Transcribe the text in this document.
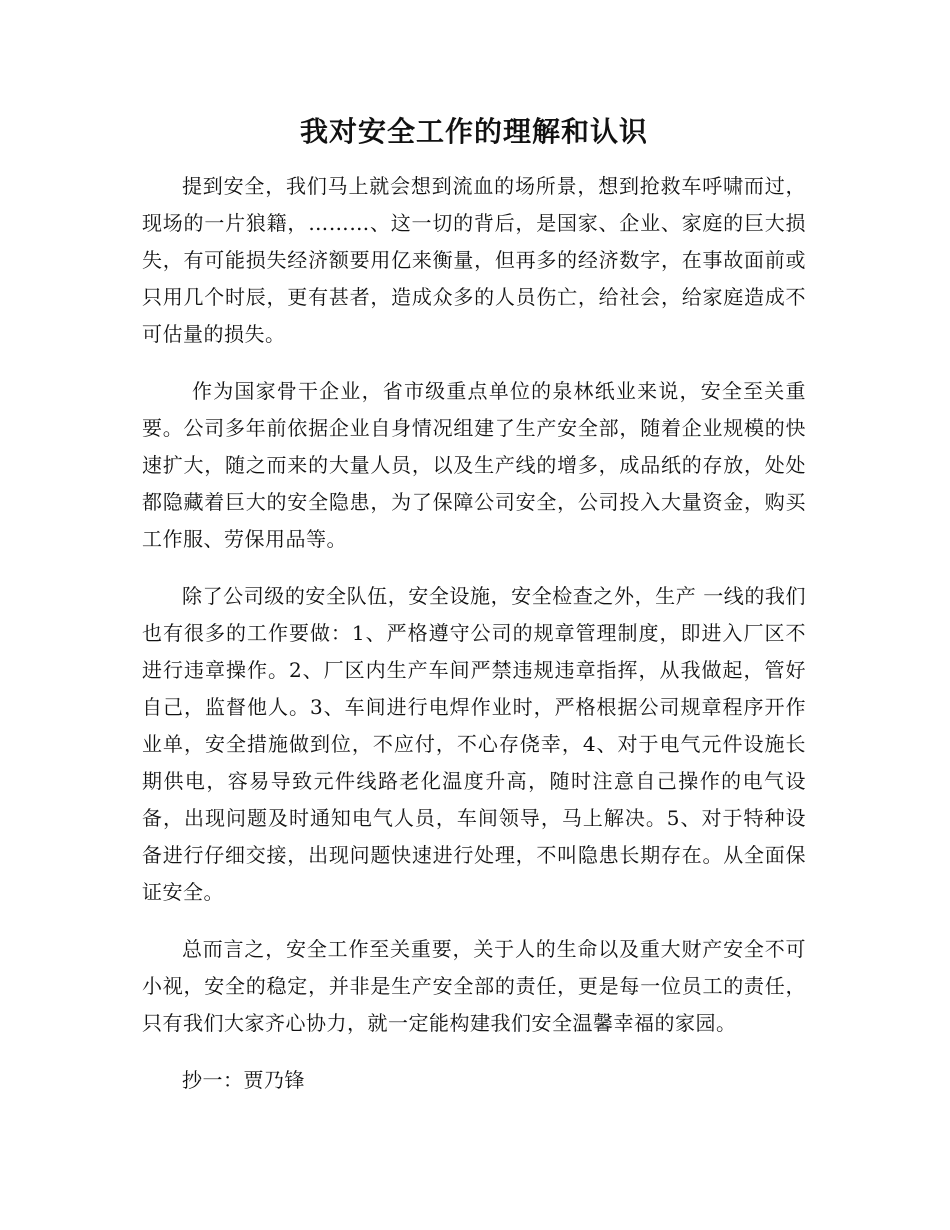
我对安全工作的理解和认识

提到安全，我们马上就会想到流血的场所景，想到抢救车呼啸而过，现场的一片狼籍，………、这一切的背后，是国家、企业、家庭的巨大损失，有可能损失经济额要用亿来衡量，但再多的经济数字，在事故面前或只用几个时辰，更有甚者，造成众多的人员伤亡，给社会，给家庭造成不可估量的损失。

作为国家骨干企业，省市级重点单位的泉林纸业来说，安全至关重要。公司多年前依据企业自身情况组建了生产安全部，随着企业规模的快速扩大，随之而来的大量人员，以及生产线的增多，成品纸的存放，处处都隐藏着巨大的安全隐患，为了保障公司安全，公司投入大量资金，购买工作服、劳保用品等。

除了公司级的安全队伍，安全设施，安全检查之外，生产 一线的我们也有很多的工作要做：1、严格遵守公司的规章管理制度，即进入厂区不进行违章操作。2、厂区内生产车间严禁违规违章指挥，从我做起，管好自己，监督他人。3、车间进行电焊作业时，严格根据公司规章程序开作业单，安全措施做到位，不应付，不心存侥幸，4、对于电气元件设施长期供电，容易导致元件线路老化温度升高，随时注意自己操作的电气设备，出现问题及时通知电气人员，车间领导，马上解决。5、对于特种设备进行仔细交接，出现问题快速进行处理，不叫隐患长期存在。从全面保证安全。

总而言之，安全工作至关重要，关于人的生命以及重大财产安全不可小视，安全的稳定，并非是生产安全部的责任，更是每一位员工的责任，只有我们大家齐心协力，就一定能构建我们安全温馨幸福的家园。

抄一：贾乃锋
